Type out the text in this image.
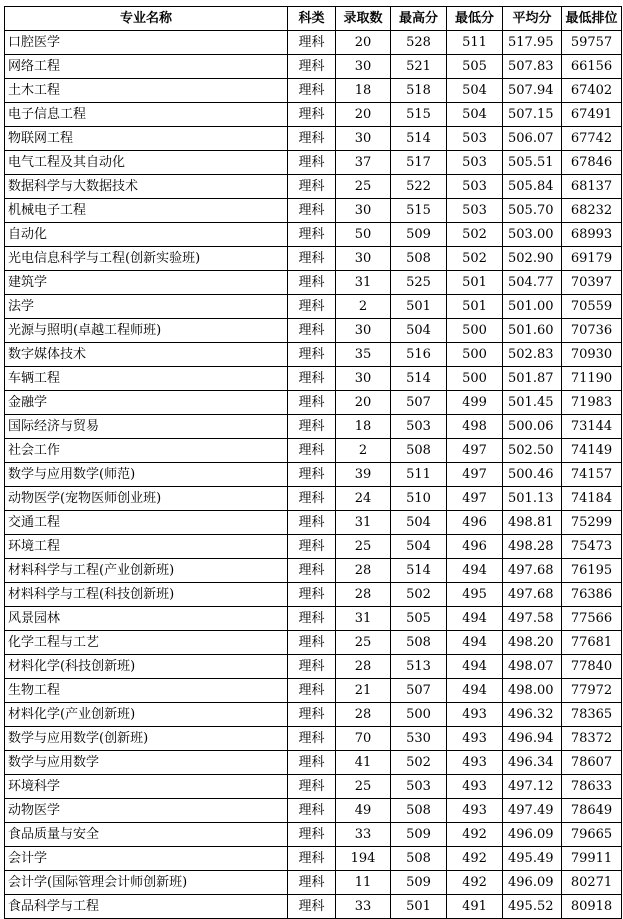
专业名称	科类	录取数	最高分	最低分	平均分	最低排位
口腔医学	理科	20	528	511	517.95	59757
网络工程	理科	30	521	505	507.83	66156
土木工程	理科	18	518	504	507.94	67402
电子信息工程	理科	20	515	504	507.15	67491
物联网工程	理科	30	514	503	506.07	67742
电气工程及其自动化	理科	37	517	503	505.51	67846
数据科学与大数据技术	理科	25	522	503	505.84	68137
机械电子工程	理科	30	515	503	505.70	68232
自动化	理科	50	509	502	503.00	68993
光电信息科学与工程(创新实验班)	理科	30	508	502	502.90	69179
建筑学	理科	31	525	501	504.77	70397
法学	理科	2	501	501	501.00	70559
光源与照明(卓越工程师班)	理科	30	504	500	501.60	70736
数字媒体技术	理科	35	516	500	502.83	70930
车辆工程	理科	30	514	500	501.87	71190
金融学	理科	20	507	499	501.45	71983
国际经济与贸易	理科	18	503	498	500.06	73144
社会工作	理科	2	508	497	502.50	74149
数学与应用数学(师范)	理科	39	511	497	500.46	74157
动物医学(宠物医师创业班)	理科	24	510	497	501.13	74184
交通工程	理科	31	504	496	498.81	75299
环境工程	理科	25	504	496	498.28	75473
材料科学与工程(产业创新班)	理科	28	514	494	497.68	76195
材料科学与工程(科技创新班)	理科	28	502	495	497.68	76386
风景园林	理科	31	505	494	497.58	77566
化学工程与工艺	理科	25	508	494	498.20	77681
材料化学(科技创新班)	理科	28	513	494	498.07	77840
生物工程	理科	21	507	494	498.00	77972
材料化学(产业创新班)	理科	28	500	493	496.32	78365
数学与应用数学(创新班)	理科	70	530	493	496.94	78372
数学与应用数学	理科	41	502	493	496.34	78607
环境科学	理科	25	503	493	497.12	78633
动物医学	理科	49	508	493	497.49	78649
食品质量与安全	理科	33	509	492	496.09	79665
会计学	理科	194	508	492	495.49	79911
会计学(国际管理会计师创新班)	理科	11	509	492	496.09	80271
食品科学与工程	理科	33	501	491	495.52	80918
